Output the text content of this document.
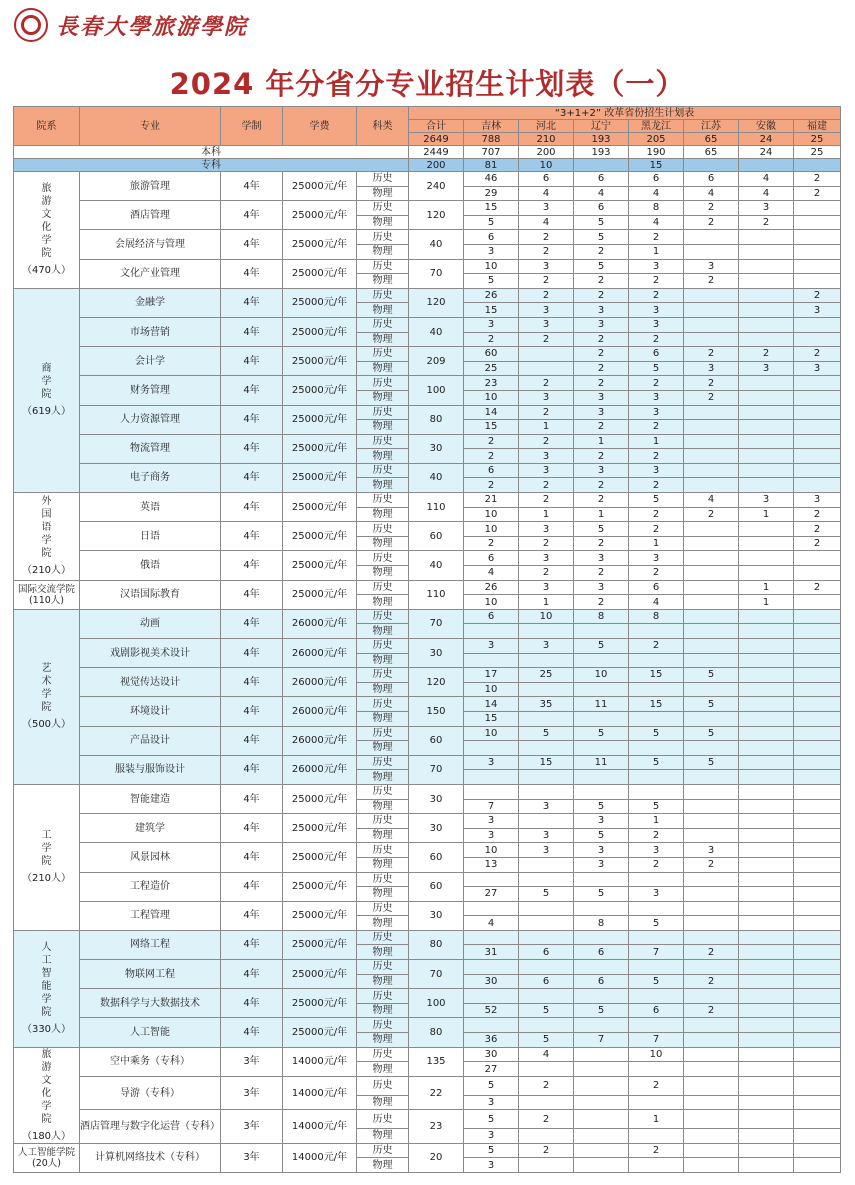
長春大學旅游學院
2024 年分省分专业招生计划表（一）
院系	专业	学制	学费	科类	“3+1+2” 改革省份招生计划表							
					合计	吉林	河北	辽宁	黑龙江	江苏	安徽	福建
					2649	788	210	193	205	65	24	25
本科					2449	707	200	193	190	65	24	25
专科					200	81	10		15			

旅游文化学院
（470人）	旅游管理	4年	25000元/年	历史	240	46	6	6	6	6	4	2
				物理		29	4	4	4	4	4	2
	酒店管理	4年	25000元/年	历史	120	15	3	6	8	2	3	
				物理		5	4	5	4	2	2	
	会展经济与管理	4年	25000元/年	历史	40	6	2	5	2			
				物理		3	2	2	1			
	文化产业管理	4年	25000元/年	历史	70	10	3	5	3	3		
				物理		5	2	2	2	2		

商学院
（619人）	金融学	4年	25000元/年	历史	120	26	2	2	2			2
				物理		15	3	3	3			3
	市场营销	4年	25000元/年	历史	40	3	3	3	3			
				物理		2	2	2	2			
	会计学	4年	25000元/年	历史	209	60		2	6	2	2	2
				物理		25		2	5	3	3	3
	财务管理	4年	25000元/年	历史	100	23	2	2	2	2		
				物理		10	3	3	3	2		
	人力资源管理	4年	25000元/年	历史	80	14	2	3	3			
				物理		15	1	2	2			
	物流管理	4年	25000元/年	历史	30	2	2	1	1			
				物理		2	3	2	2			
	电子商务	4年	25000元/年	历史	40	6	3	3	3			
				物理		2	2	2	2			

外国语学院
（210人）	英语	4年	25000元/年	历史	110	21	2	2	5	4	3	3
				物理		10	1	1	2	2	1	2
	日语	4年	25000元/年	历史	60	10	3	5	2			2
				物理		2	2	2	1			2
	俄语	4年	25000元/年	历史	40	6	3	3	3			
				物理		4	2	2	2			

国际交流学院(110人)	汉语国际教育	4年	25000元/年	历史	110	26	3	3	6		1	2
				物理		10	1	2	4		1	

艺术学院
（500人）	动画	4年	26000元/年	历史	70	6	10	8	8			
				物理								
	戏剧影视美术设计	4年	26000元/年	历史	30	3	3	5	2			
				物理								
	视觉传达设计	4年	26000元/年	历史	120	17	25	10	15	5		
				物理		10						
	环境设计	4年	26000元/年	历史	150	14	35	11	15	5		
				物理		15						
	产品设计	4年	26000元/年	历史	60	10	5	5	5	5		
				物理								
	服装与服饰设计	4年	26000元/年	历史	70	3	15	11	5	5		
				物理								

工学院
（210人）	智能建造	4年	25000元/年	历史	30							
				物理		7	3	5	5			
	建筑学	4年	25000元/年	历史	30	3		3	1			
				物理		3	3	5	2			
	风景园林	4年	25000元/年	历史	60	10	3	3	3	3		
				物理		13		3	2	2		
	工程造价	4年	25000元/年	历史	60							
				物理		27	5	5	3			
	工程管理	4年	25000元/年	历史	30							
				物理		4		8	5			

人工智能学院
（330人）	网络工程	4年	25000元/年	历史	80							
				物理		31	6	6	7	2		
	物联网工程	4年	25000元/年	历史	70							
				物理		30	6	6	5	2		
	数据科学与大数据技术	4年	25000元/年	历史	100							
				物理		52	5	5	6	2		
	人工智能	4年	25000元/年	历史	80							
				物理		36	5	7	7			

旅游文化学院
（180人）	空中乘务（专科）	3年	14000元/年	历史	135	30	4		10			
				物理		27						
	导游（专科）	3年	14000元/年	历史	22	5	2		2			
				物理		3						
	酒店管理与数字化运营（专科）	3年	14000元/年	历史	23	5	2		1			
				物理		3						

人工智能学院(20人)	计算机网络技术（专科）	3年	14000元/年	历史	20	5	2		2			
				物理		3						
